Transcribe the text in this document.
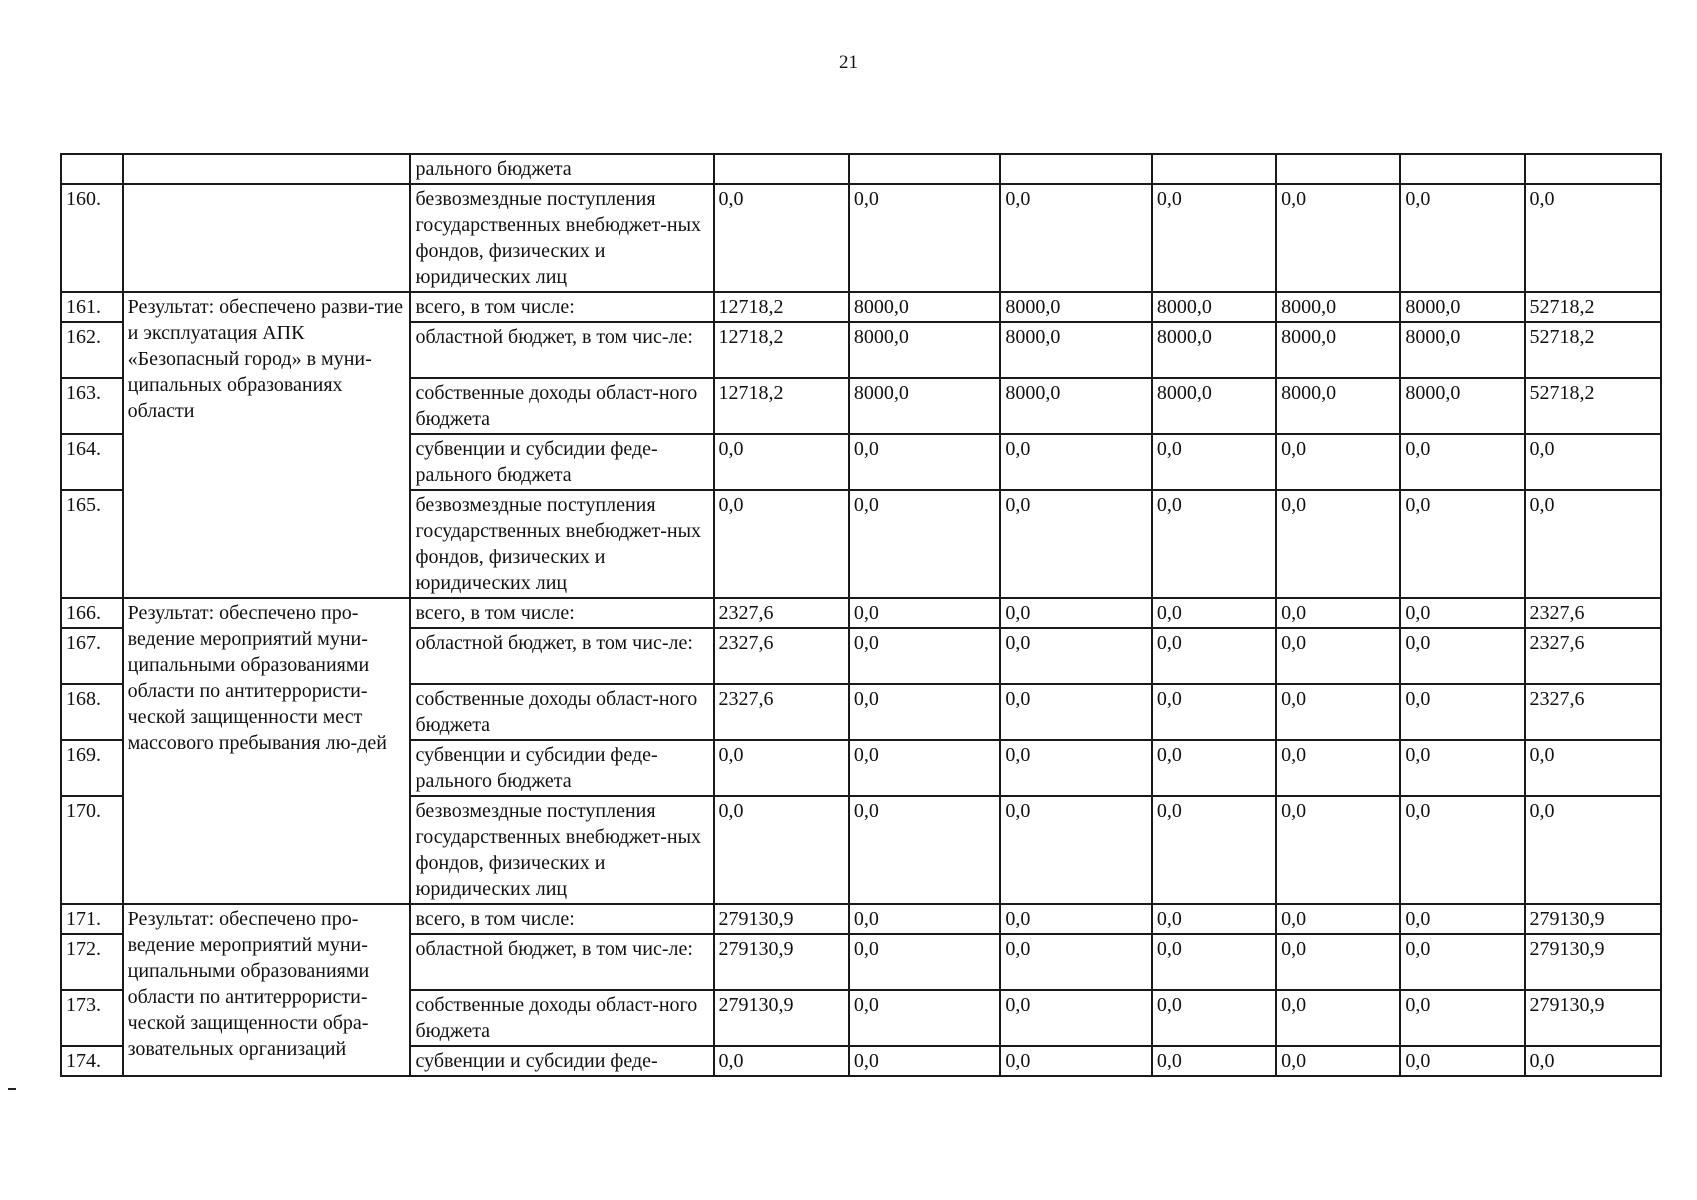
21
		рального бюджета							
160.		безвозмездные поступления государственных внебюджет-ных фондов, физических и юридических лиц	0,0	0,0	0,0	0,0	0,0	0,0	0,0
161.	Результат: обеспечено разви-тие и эксплуатация АПК «Безопасный город» в муни-ципальных образованиях области	всего, в том числе:	12718,2	8000,0	8000,0	8000,0	8000,0	8000,0	52718,2
162.		областной бюджет, в том чис-ле:	12718,2	8000,0	8000,0	8000,0	8000,0	8000,0	52718,2
163.		собственные доходы област-ного бюджета	12718,2	8000,0	8000,0	8000,0	8000,0	8000,0	52718,2
164.		субвенции и субсидии феде-рального бюджета	0,0	0,0	0,0	0,0	0,0	0,0	0,0
165.		безвозмездные поступления государственных внебюджет-ных фондов, физических и юридических лиц	0,0	0,0	0,0	0,0	0,0	0,0	0,0
166.	Результат: обеспечено про-ведение мероприятий муни-ципальными образованиями области по антитеррористи-ческой защищенности мест массового пребывания лю-дей	всего, в том числе:	2327,6	0,0	0,0	0,0	0,0	0,0	2327,6
167.		областной бюджет, в том чис-ле:	2327,6	0,0	0,0	0,0	0,0	0,0	2327,6
168.		собственные доходы област-ного бюджета	2327,6	0,0	0,0	0,0	0,0	0,0	2327,6
169.		субвенции и субсидии феде-рального бюджета	0,0	0,0	0,0	0,0	0,0	0,0	0,0
170.		безвозмездные поступления государственных внебюджет-ных фондов, физических и юридических лиц	0,0	0,0	0,0	0,0	0,0	0,0	0,0
171.	Результат: обеспечено про-ведение мероприятий муни-ципальными образованиями области по антитеррористи-ческой защищенности обра-зовательных организаций	всего, в том числе:	279130,9	0,0	0,0	0,0	0,0	0,0	279130,9
172.		областной бюджет, в том чис-ле:	279130,9	0,0	0,0	0,0	0,0	0,0	279130,9
173.		собственные доходы област-ного бюджета	279130,9	0,0	0,0	0,0	0,0	0,0	279130,9
174.		субвенции и субсидии феде-	0,0	0,0	0,0	0,0	0,0	0,0	0,0
